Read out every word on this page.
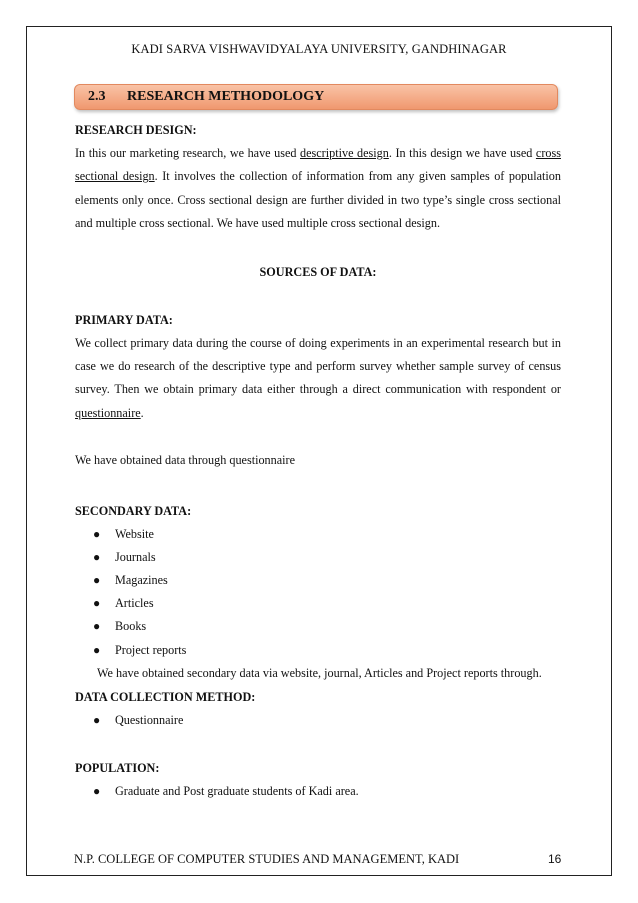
KADI SARVA VISHWAVIDYALAYA UNIVERSITY, GANDHINAGAR
2.3 RESEARCH METHODOLOGY
RESEARCH DESIGN:

In this our marketing research, we have used descriptive design. In this design we have used cross sectional design. It involves the collection of information from any given samples of population elements only once. Cross sectional design are further divided in two type’s single cross sectional and multiple cross sectional. We have used multiple cross sectional design.

SOURCES OF DATA:
PRIMARY DATA:

We collect primary data during the course of doing experiments in an experimental research but in case we do research of the descriptive type and perform survey whether sample survey of census survey. Then we obtain primary data either through a direct communication with respondent or questionnaire.

We have obtained data through questionnaire

SECONDARY DATA:
● Website
● Journals
● Magazines
● Articles
● Books
● Project reports

We have obtained secondary data via website, journal, Articles and Project reports through.

DATA COLLECTION METHOD:
● Questionnaire
POPULATION:
● Graduate and Post graduate students of Kadi area.
N.P. COLLEGE OF COMPUTER STUDIES AND MANAGEMENT, KADI	16
